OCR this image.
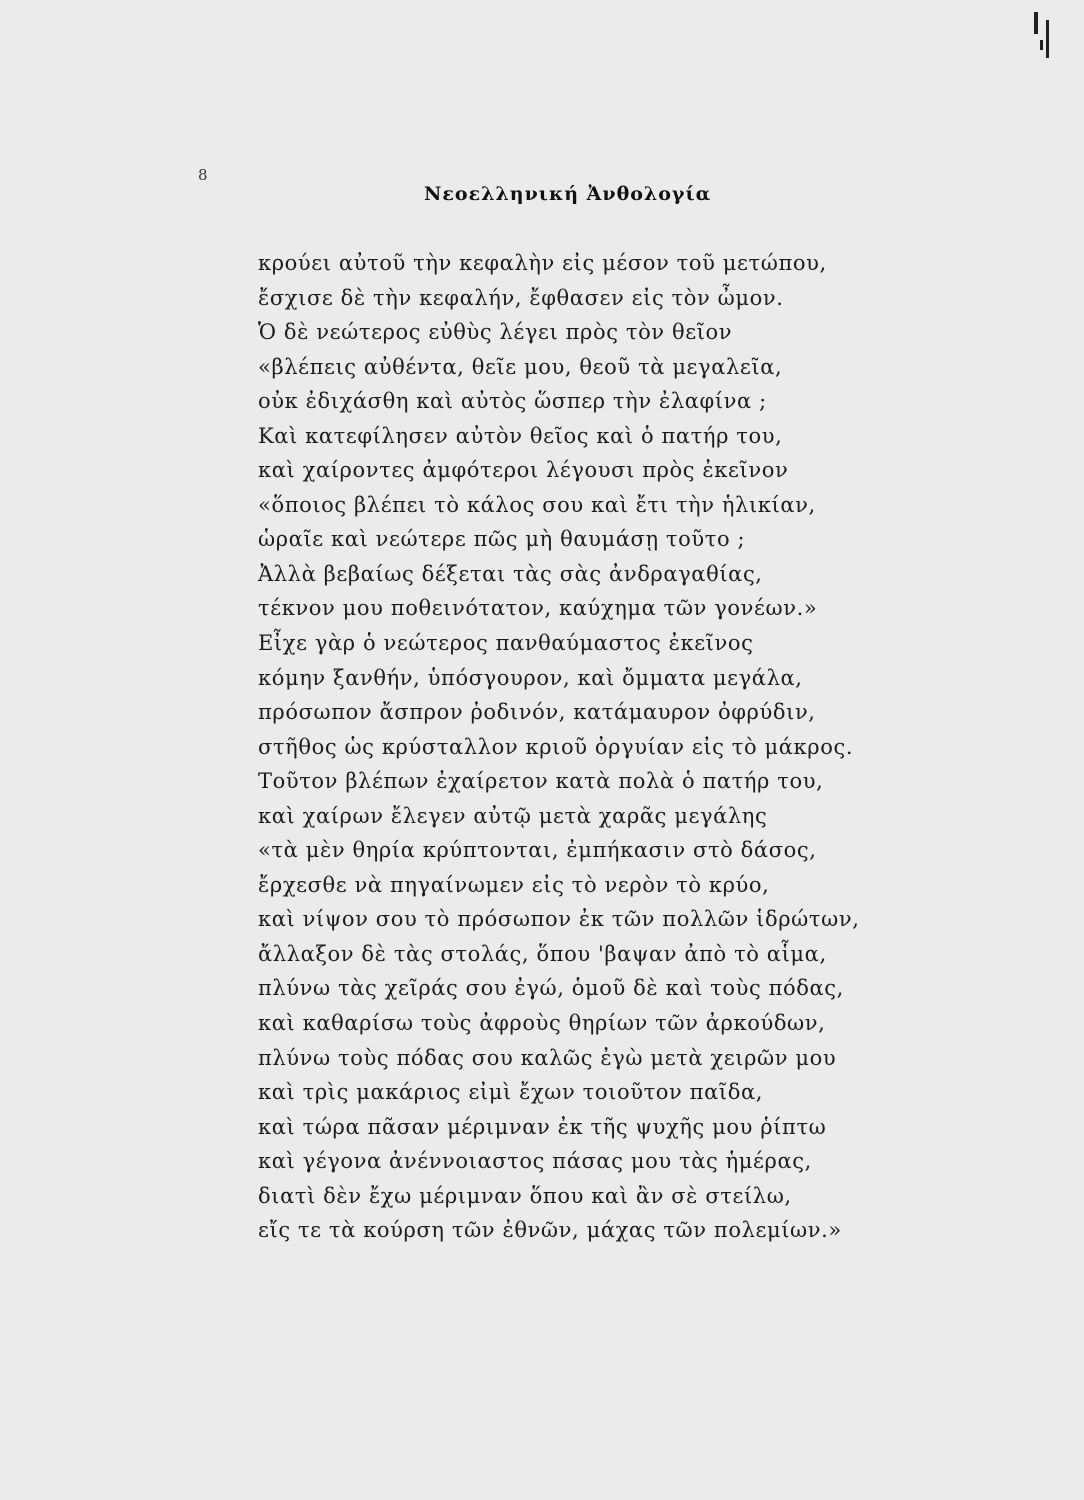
8
Νεοελληνική Ἀνθολογία
κρούει αὐτοῦ τὴν κεφαλὴν εἰς μέσον τοῦ μετώπου,
ἔσχισε δὲ τὴν κεφαλήν, ἔφθασεν εἰς τὸν ὦμον.
Ὁ δὲ νεώτερος εὐθὺς λέγει πρὸς τὸν θεῖον
«βλέπεις αὐθέντα, θεῖε μου, θεοῦ τὰ μεγαλεῖα,
οὐκ ἐδιχάσθη καὶ αὐτὸς ὥσπερ τὴν ἐλαφίνα ;
Καὶ κατεφίλησεν αὐτὸν θεῖος καὶ ὁ πατήρ του,
καὶ χαίροντες ἀμφότεροι λέγουσι πρὸς ἐκεῖνον
«ὅποιος βλέπει τὸ κάλος σου καὶ ἔτι τὴν ἡλικίαν,
ὡραῖε καὶ νεώτερε πῶς μὴ θαυμάσῃ τοῦτο ;
Ἀλλὰ βεβαίως δέξεται τὰς σὰς ἀνδραγαθίας,
τέκνον μου ποθεινότατον, καύχημα τῶν γονέων.»
Εἶχε γὰρ ὁ νεώτερος πανθαύμαστος ἐκεῖνος
κόμην ξανθήν, ὑπόσγουρον, καὶ ὄμματα μεγάλα,
πρόσωπον ἄσπρον ῥοδινόν, κατάμαυρον ὀφρύδιν,
στῆθος ὡς κρύσταλλον κριοῦ ὀργυίαν εἰς τὸ μάκρος.
Τοῦτον βλέπων ἐχαίρετον κατὰ πολὰ ὁ πατήρ του,
καὶ χαίρων ἔλεγεν αὐτῷ μετὰ χαρᾶς μεγάλης
«τὰ μὲν θηρία κρύπτονται, ἐμπήκασιν στὸ δάσος,
ἔρχεσθε νὰ πηγαίνωμεν εἰς τὸ νερὸν τὸ κρύο,
καὶ νίψον σου τὸ πρόσωπον ἐκ τῶν πολλῶν ἱδρώτων,
ἄλλαξον δὲ τὰς στολάς, ὅπου 'βαψαν ἀπὸ τὸ αἷμα,
πλύνω τὰς χεῖράς σου ἐγώ, ὁμοῦ δὲ καὶ τοὺς πόδας,
καὶ καθαρίσω τοὺς ἀφροὺς θηρίων τῶν ἀρκούδων,
πλύνω τοὺς πόδας σου καλῶς ἐγὼ μετὰ χειρῶν μου
καὶ τρὶς μακάριος εἰμὶ ἔχων τοιοῦτον παῖδα,
καὶ τώρα πᾶσαν μέριμναν ἐκ τῆς ψυχῆς μου ῥίπτω
καὶ γέγονα ἀνέννοιαστος πάσας μου τὰς ἡμέρας,
διατὶ δὲν ἔχω μέριμναν ὅπου καὶ ἂν σὲ στείλω,
εἴς τε τὰ κούρση τῶν ἐθνῶν, μάχας τῶν πολεμίων.»
